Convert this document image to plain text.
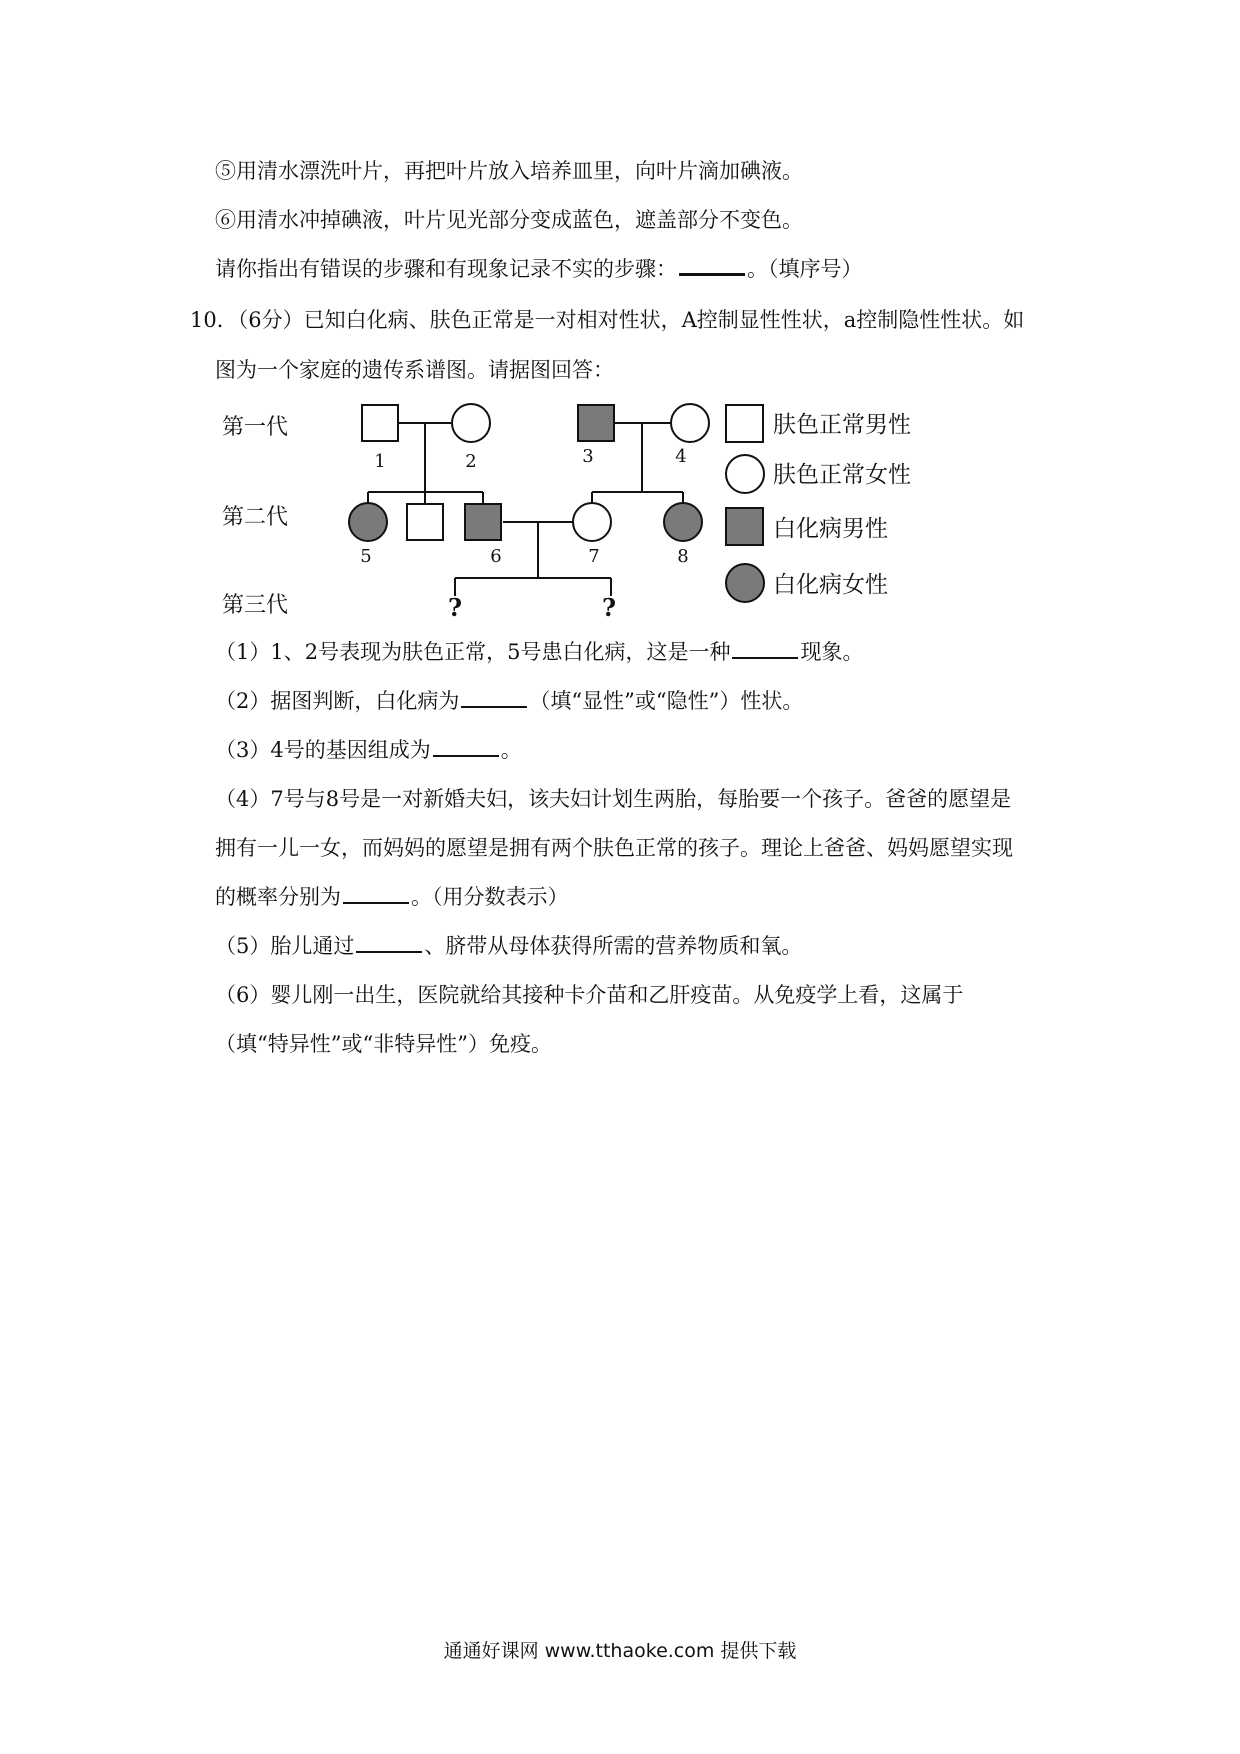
⑤用清水漂洗叶片，再把叶片放入培养皿里，向叶片滴加碘液。
⑥用清水冲掉碘液，叶片见光部分变成蓝色，遮盖部分不变色。
请你指出有错误的步骤和有现象记录不实的步骤：	。（填序号）
10．（6分）已知白化病、肤色正常是一对相对性状，A控制显性性状，a控制隐性性状。如
图为一个家庭的遗传系谱图。请据图回答：
第一代
第二代
第三代
1	2	3	4
5	6	7	8
?	?
肤色正常男性
肤色正常女性
白化病男性
白化病女性
（1）1、2号表现为肤色正常，5号患白化病，这是一种	现象。
（2）据图判断，白化病为	（填“显性”或“隐性”）性状。
（3）4号的基因组成为	。
（4）7号与8号是一对新婚夫妇，该夫妇计划生两胎，每胎要一个孩子。爸爸的愿望是
拥有一儿一女，而妈妈的愿望是拥有两个肤色正常的孩子。理论上爸爸、妈妈愿望实现
的概率分别为	。（用分数表示）
（5）胎儿通过	、脐带从母体获得所需的营养物质和氧。
（6）婴儿刚一出生，医院就给其接种卡介苗和乙肝疫苗。从免疫学上看，这属于
（填“特异性”或“非特异性”）免疫。
通通好课网 www.tthaoke.com 提供下载
